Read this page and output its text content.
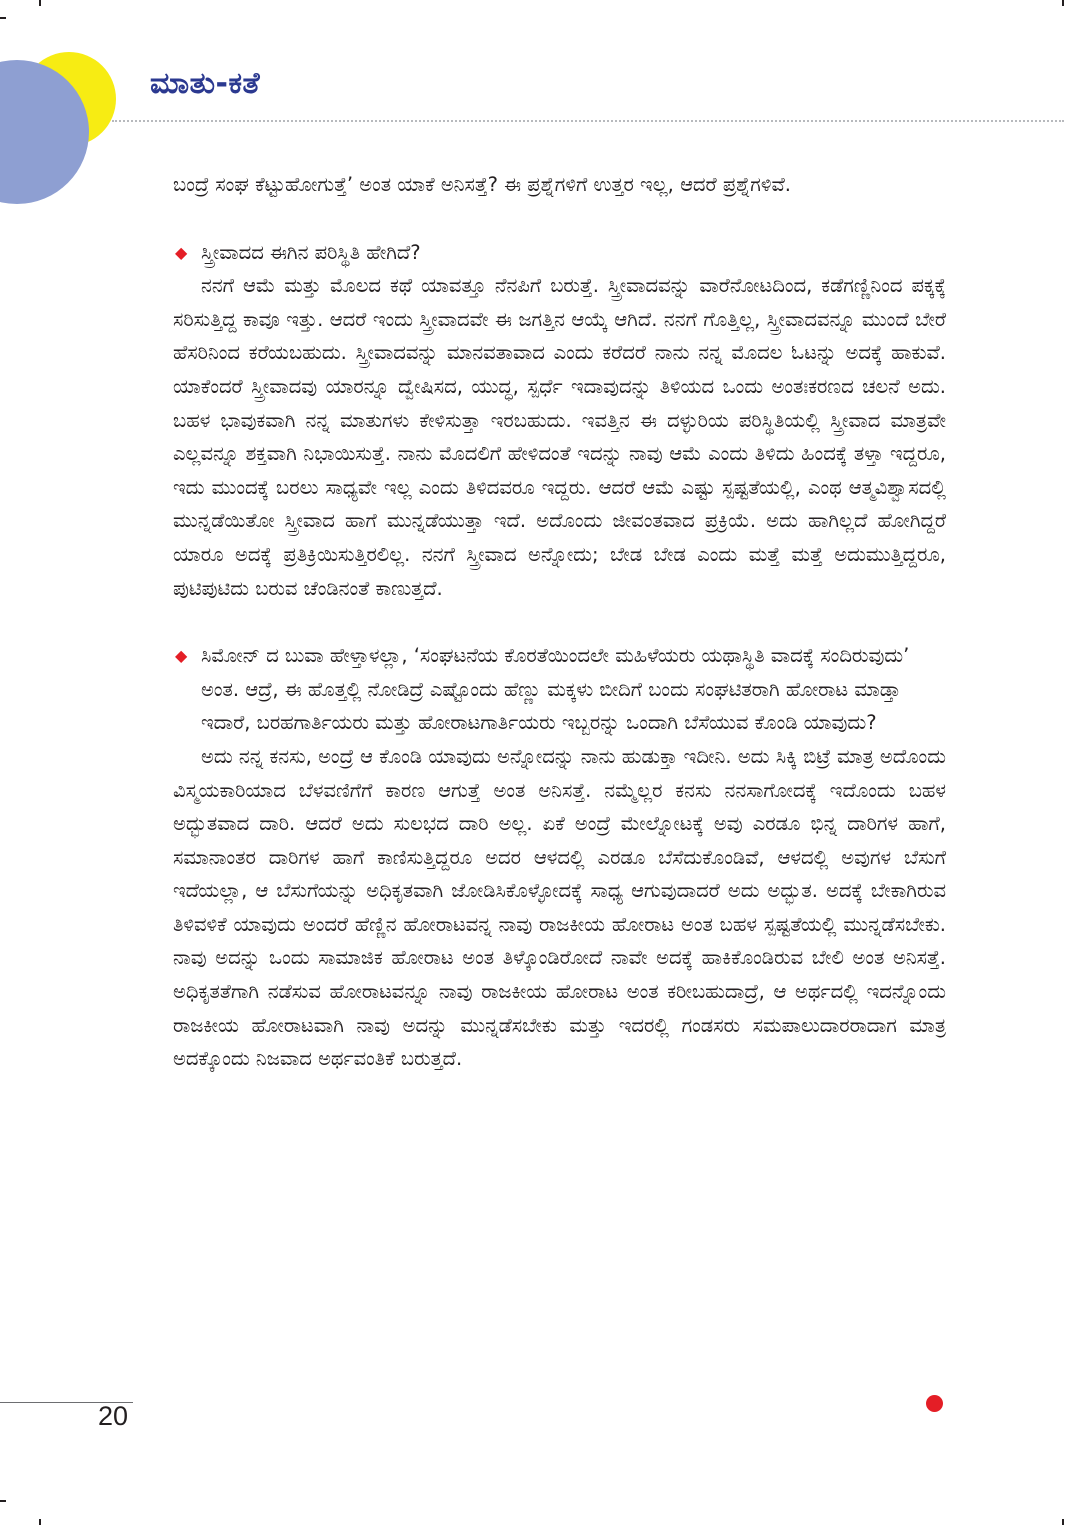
ಮಾತು-ಕತೆ

ಬಂದ್ರೆ ಸಂಘ ಕೆಟ್ಟುಹೋಗುತ್ತೆ’ ಅಂತ ಯಾಕೆ ಅನಿಸತ್ತೆ? ಈ ಪ್ರಶ್ನೆಗಳಿಗೆ ಉತ್ತರ ಇಲ್ಲ, ಆದರೆ ಪ್ರಶ್ನೆಗಳಿವೆ.

◆ ಸ್ತ್ರೀವಾದದ ಈಗಿನ ಪರಿಸ್ಥಿತಿ ಹೇಗಿದೆ?

ನನಗೆ ಆಮೆ ಮತ್ತು ಮೊಲದ ಕಥೆ ಯಾವತ್ತೂ ನೆನಪಿಗೆ ಬರುತ್ತೆ. ಸ್ತ್ರೀವಾದವನ್ನು ವಾರೆನೋಟದಿಂದ, ಕಡೆಗಣ್ಣಿನಿಂದ ಪಕ್ಕಕ್ಕೆ ಸರಿಸುತ್ತಿದ್ದ ಕಾವೂ ಇತ್ತು. ಆದರೆ ಇಂದು ಸ್ತ್ರೀವಾದವೇ ಈ ಜಗತ್ತಿನ ಆಯ್ಕೆ ಆಗಿದೆ. ನನಗೆ ಗೊತ್ತಿಲ್ಲ, ಸ್ತ್ರೀವಾದವನ್ನೂ ಮುಂದೆ ಬೇರೆ ಹೆಸರಿನಿಂದ ಕರೆಯಬಹುದು. ಸ್ತ್ರೀವಾದವನ್ನು ಮಾನವತಾವಾದ ಎಂದು ಕರೆದರೆ ನಾನು ನನ್ನ ಮೊದಲ ಓಟನ್ನು ಅದಕ್ಕೆ ಹಾಕುವೆ. ಯಾಕೆಂದರೆ ಸ್ತ್ರೀವಾದವು ಯಾರನ್ನೂ ದ್ವೇಷಿಸದ, ಯುದ್ಧ, ಸ್ಪರ್ಧೆ ಇದಾವುದನ್ನು ತಿಳಿಯದ ಒಂದು ಅಂತಃಕರಣದ ಚಲನೆ ಅದು. ಬಹಳ ಭಾವುಕವಾಗಿ ನನ್ನ ಮಾತುಗಳು ಕೇಳಿಸುತ್ತಾ ಇರಬಹುದು. ಇವತ್ತಿನ ಈ ದಳ್ಳುರಿಯ ಪರಿಸ್ಥಿತಿಯಲ್ಲಿ ಸ್ತ್ರೀವಾದ ಮಾತ್ರವೇ ಎಲ್ಲವನ್ನೂ ಶಕ್ತವಾಗಿ ನಿಭಾಯಿಸುತ್ತೆ. ನಾನು ಮೊದಲಿಗೆ ಹೇಳಿದಂತೆ ಇದನ್ನು ನಾವು ಆಮೆ ಎಂದು ತಿಳಿದು ಹಿಂದಕ್ಕೆ ತಳ್ತಾ ಇದ್ದರೂ, ಇದು ಮುಂದಕ್ಕೆ ಬರಲು ಸಾಧ್ಯವೇ ಇಲ್ಲ ಎಂದು ತಿಳಿದವರೂ ಇದ್ದರು. ಆದರೆ ಆಮೆ ಎಷ್ಟು ಸ್ಪಷ್ಟತೆಯಲ್ಲಿ, ಎಂಥ ಆತ್ಮವಿಶ್ವಾಸದಲ್ಲಿ ಮುನ್ನಡೆಯಿತೋ ಸ್ತ್ರೀವಾದ ಹಾಗೆ ಮುನ್ನಡೆಯುತ್ತಾ ಇದೆ. ಅದೊಂದು ಜೀವಂತವಾದ ಪ್ರಕ್ರಿಯೆ. ಅದು ಹಾಗಿಲ್ಲದೆ ಹೋಗಿದ್ದರೆ ಯಾರೂ ಅದಕ್ಕೆ ಪ್ರತಿಕ್ರಿಯಿಸುತ್ತಿರಲಿಲ್ಲ. ನನಗೆ ಸ್ತ್ರೀವಾದ ಅನ್ನೋದು; ಬೇಡ ಬೇಡ ಎಂದು ಮತ್ತೆ ಮತ್ತೆ ಅದುಮುತ್ತಿದ್ದರೂ, ಪುಟಿಪುಟಿದು ಬರುವ ಚೆಂಡಿನಂತೆ ಕಾಣುತ್ತದೆ.

◆ ಸಿಮೋನ್ ದ ಬುವಾ ಹೇಳ್ತಾಳಲ್ಲಾ, ‘ಸಂಘಟನೆಯ ಕೊರತೆಯಿಂದಲೇ ಮಹಿಳೆಯರು ಯಥಾಸ್ಥಿತಿ ವಾದಕ್ಕೆ ಸಂದಿರುವುದು’ ಅಂತ. ಆದ್ರೆ, ಈ ಹೊತ್ತಲ್ಲಿ ನೋಡಿದ್ರೆ ಎಷ್ಟೊಂದು ಹೆಣ್ಣು ಮಕ್ಕಳು ಬೀದಿಗೆ ಬಂದು ಸಂಘಟಿತರಾಗಿ ಹೋರಾಟ ಮಾಡ್ತಾ ಇದಾರೆ, ಬರಹಗಾರ್ತಿಯರು ಮತ್ತು ಹೋರಾಟಗಾರ್ತಿಯರು ಇಬ್ಬರನ್ನು ಒಂದಾಗಿ ಬೆಸೆಯುವ ಕೊಂಡಿ ಯಾವುದು?

ಅದು ನನ್ನ ಕನಸು, ಅಂದ್ರೆ ಆ ಕೊಂಡಿ ಯಾವುದು ಅನ್ನೋದನ್ನು ನಾನು ಹುಡುಕ್ತಾ ಇದೀನಿ. ಅದು ಸಿಕ್ಕಿ ಬಿಟ್ರೆ ಮಾತ್ರ ಅದೊಂದು ವಿಸ್ಮಯಕಾರಿಯಾದ ಬೆಳವಣಿಗೆಗೆ ಕಾರಣ ಆಗುತ್ತೆ ಅಂತ ಅನಿಸತ್ತೆ. ನಮ್ಮೆಲ್ಲರ ಕನಸು ನನಸಾಗೋದಕ್ಕೆ ಇದೊಂದು ಬಹಳ ಅದ್ಭುತವಾದ ದಾರಿ. ಆದರೆ ಅದು ಸುಲಭದ ದಾರಿ ಅಲ್ಲ. ಏಕೆ ಅಂದ್ರೆ ಮೇಲ್ನೋಟಕ್ಕೆ ಅವು ಎರಡೂ ಭಿನ್ನ ದಾರಿಗಳ ಹಾಗೆ, ಸಮಾನಾಂತರ ದಾರಿಗಳ ಹಾಗೆ ಕಾಣಿಸುತ್ತಿದ್ದರೂ ಅದರ ಆಳದಲ್ಲಿ ಎರಡೂ ಬೆಸೆದುಕೊಂಡಿವೆ, ಆಳದಲ್ಲಿ ಅವುಗಳ ಬೆಸುಗೆ ಇದೆಯಲ್ಲಾ, ಆ ಬೆಸುಗೆಯನ್ನು ಅಧಿಕೃತವಾಗಿ ಜೋಡಿಸಿಕೊಳ್ಳೋದಕ್ಕೆ ಸಾಧ್ಯ ಆಗುವುದಾದರೆ ಅದು ಅದ್ಭುತ. ಅದಕ್ಕೆ ಬೇಕಾಗಿರುವ ತಿಳಿವಳಿಕೆ ಯಾವುದು ಅಂದರೆ ಹೆಣ್ಣಿನ ಹೋರಾಟವನ್ನ ನಾವು ರಾಜಕೀಯ ಹೋರಾಟ ಅಂತ ಬಹಳ ಸ್ಪಷ್ಟತೆಯಲ್ಲಿ ಮುನ್ನಡೆಸಬೇಕು. ನಾವು ಅದನ್ನು ಒಂದು ಸಾಮಾಜಿಕ ಹೋರಾಟ ಅಂತ ತಿಳ್ಕೊಂಡಿರೋದೆ ನಾವೇ ಅದಕ್ಕೆ ಹಾಕಿಕೊಂಡಿರುವ ಬೇಲಿ ಅಂತ ಅನಿಸತ್ತೆ. ಅಧಿಕೃತತೆಗಾಗಿ ನಡೆಸುವ ಹೋರಾಟವನ್ನೂ ನಾವು ರಾಜಕೀಯ ಹೋರಾಟ ಅಂತ ಕರೀಬಹುದಾದ್ರೆ, ಆ ಅರ್ಥದಲ್ಲಿ ಇದನ್ನೊಂದು ರಾಜಕೀಯ ಹೋರಾಟವಾಗಿ ನಾವು ಅದನ್ನು ಮುನ್ನಡೆಸಬೇಕು ಮತ್ತು ಇದರಲ್ಲಿ ಗಂಡಸರು ಸಮಪಾಲುದಾರರಾದಾಗ ಮಾತ್ರ ಅದಕ್ಕೊಂದು ನಿಜವಾದ ಅರ್ಥವಂತಿಕೆ ಬರುತ್ತದೆ.

20
